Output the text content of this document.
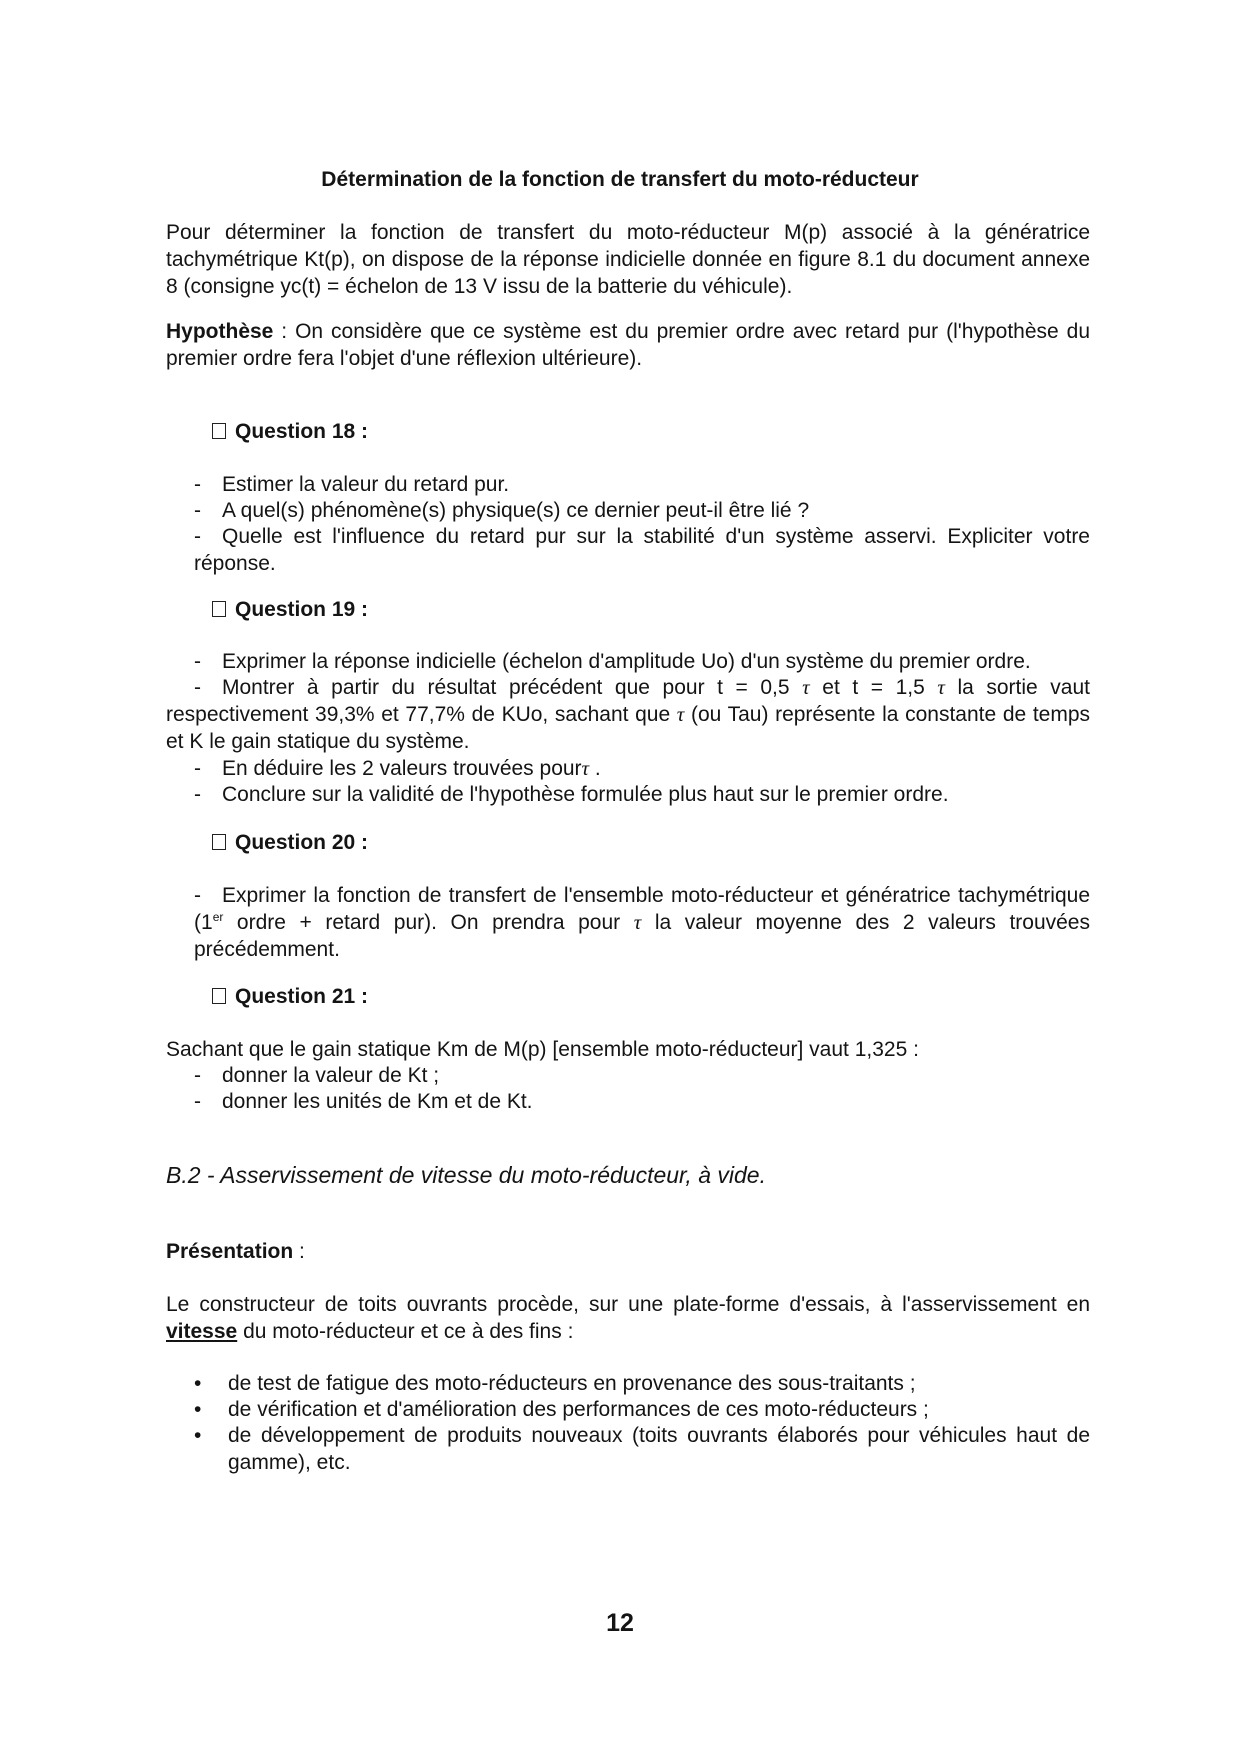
Détermination de la fonction de transfert du moto-réducteur

Pour déterminer la fonction de transfert du moto-réducteur M(p) associé à la génératrice tachymétrique Kt(p), on dispose de la réponse indicielle donnée en figure 8.1 du document annexe 8 (consigne yc(t) = échelon de 13 V issu de la batterie du véhicule).

Hypothèse : On considère que ce système est du premier ordre avec retard pur (l'hypothèse du premier ordre fera l'objet d'une réflexion ultérieure).

Question 18 :

- Estimer la valeur du retard pur.

- A quel(s) phénomène(s) physique(s) ce dernier peut-il être lié ?

- Quelle est l'influence du retard pur sur la stabilité d'un système asservi. Expliciter votre réponse.

Question 19 :

- Exprimer la réponse indicielle (échelon d'amplitude Uo) d'un système du premier ordre.

- Montrer à partir du résultat précédent que pour t = 0,5 τ et t = 1,5 τ la sortie vaut respectivement 39,3% et 77,7% de KUo, sachant que τ (ou Tau) représente la constante de temps et K le gain statique du système.

- En déduire les 2 valeurs trouvées pourτ .

- Conclure sur la validité de l'hypothèse formulée plus haut sur le premier ordre.

Question 20 :

- Exprimer la fonction de transfert de l'ensemble moto-réducteur et génératrice tachymétrique (1er ordre + retard pur). On prendra pour τ la valeur moyenne des 2 valeurs trouvées précédemment.

Question 21 :

Sachant que le gain statique Km de M(p) [ensemble moto-réducteur] vaut 1,325 :

- donner la valeur de Kt ;

- donner les unités de Km et de Kt.

B.2 - Asservissement de vitesse du moto-réducteur, à vide.

Présentation :

Le constructeur de toits ouvrants procède, sur une plate-forme d'essais, à l'asservissement en vitesse du moto-réducteur et ce à des fins :

• de test de fatigue des moto-réducteurs en provenance des sous-traitants ;

• de vérification et d'amélioration des performances de ces moto-réducteurs ;

• de développement de produits nouveaux (toits ouvrants élaborés pour véhicules haut de gamme), etc.

12
